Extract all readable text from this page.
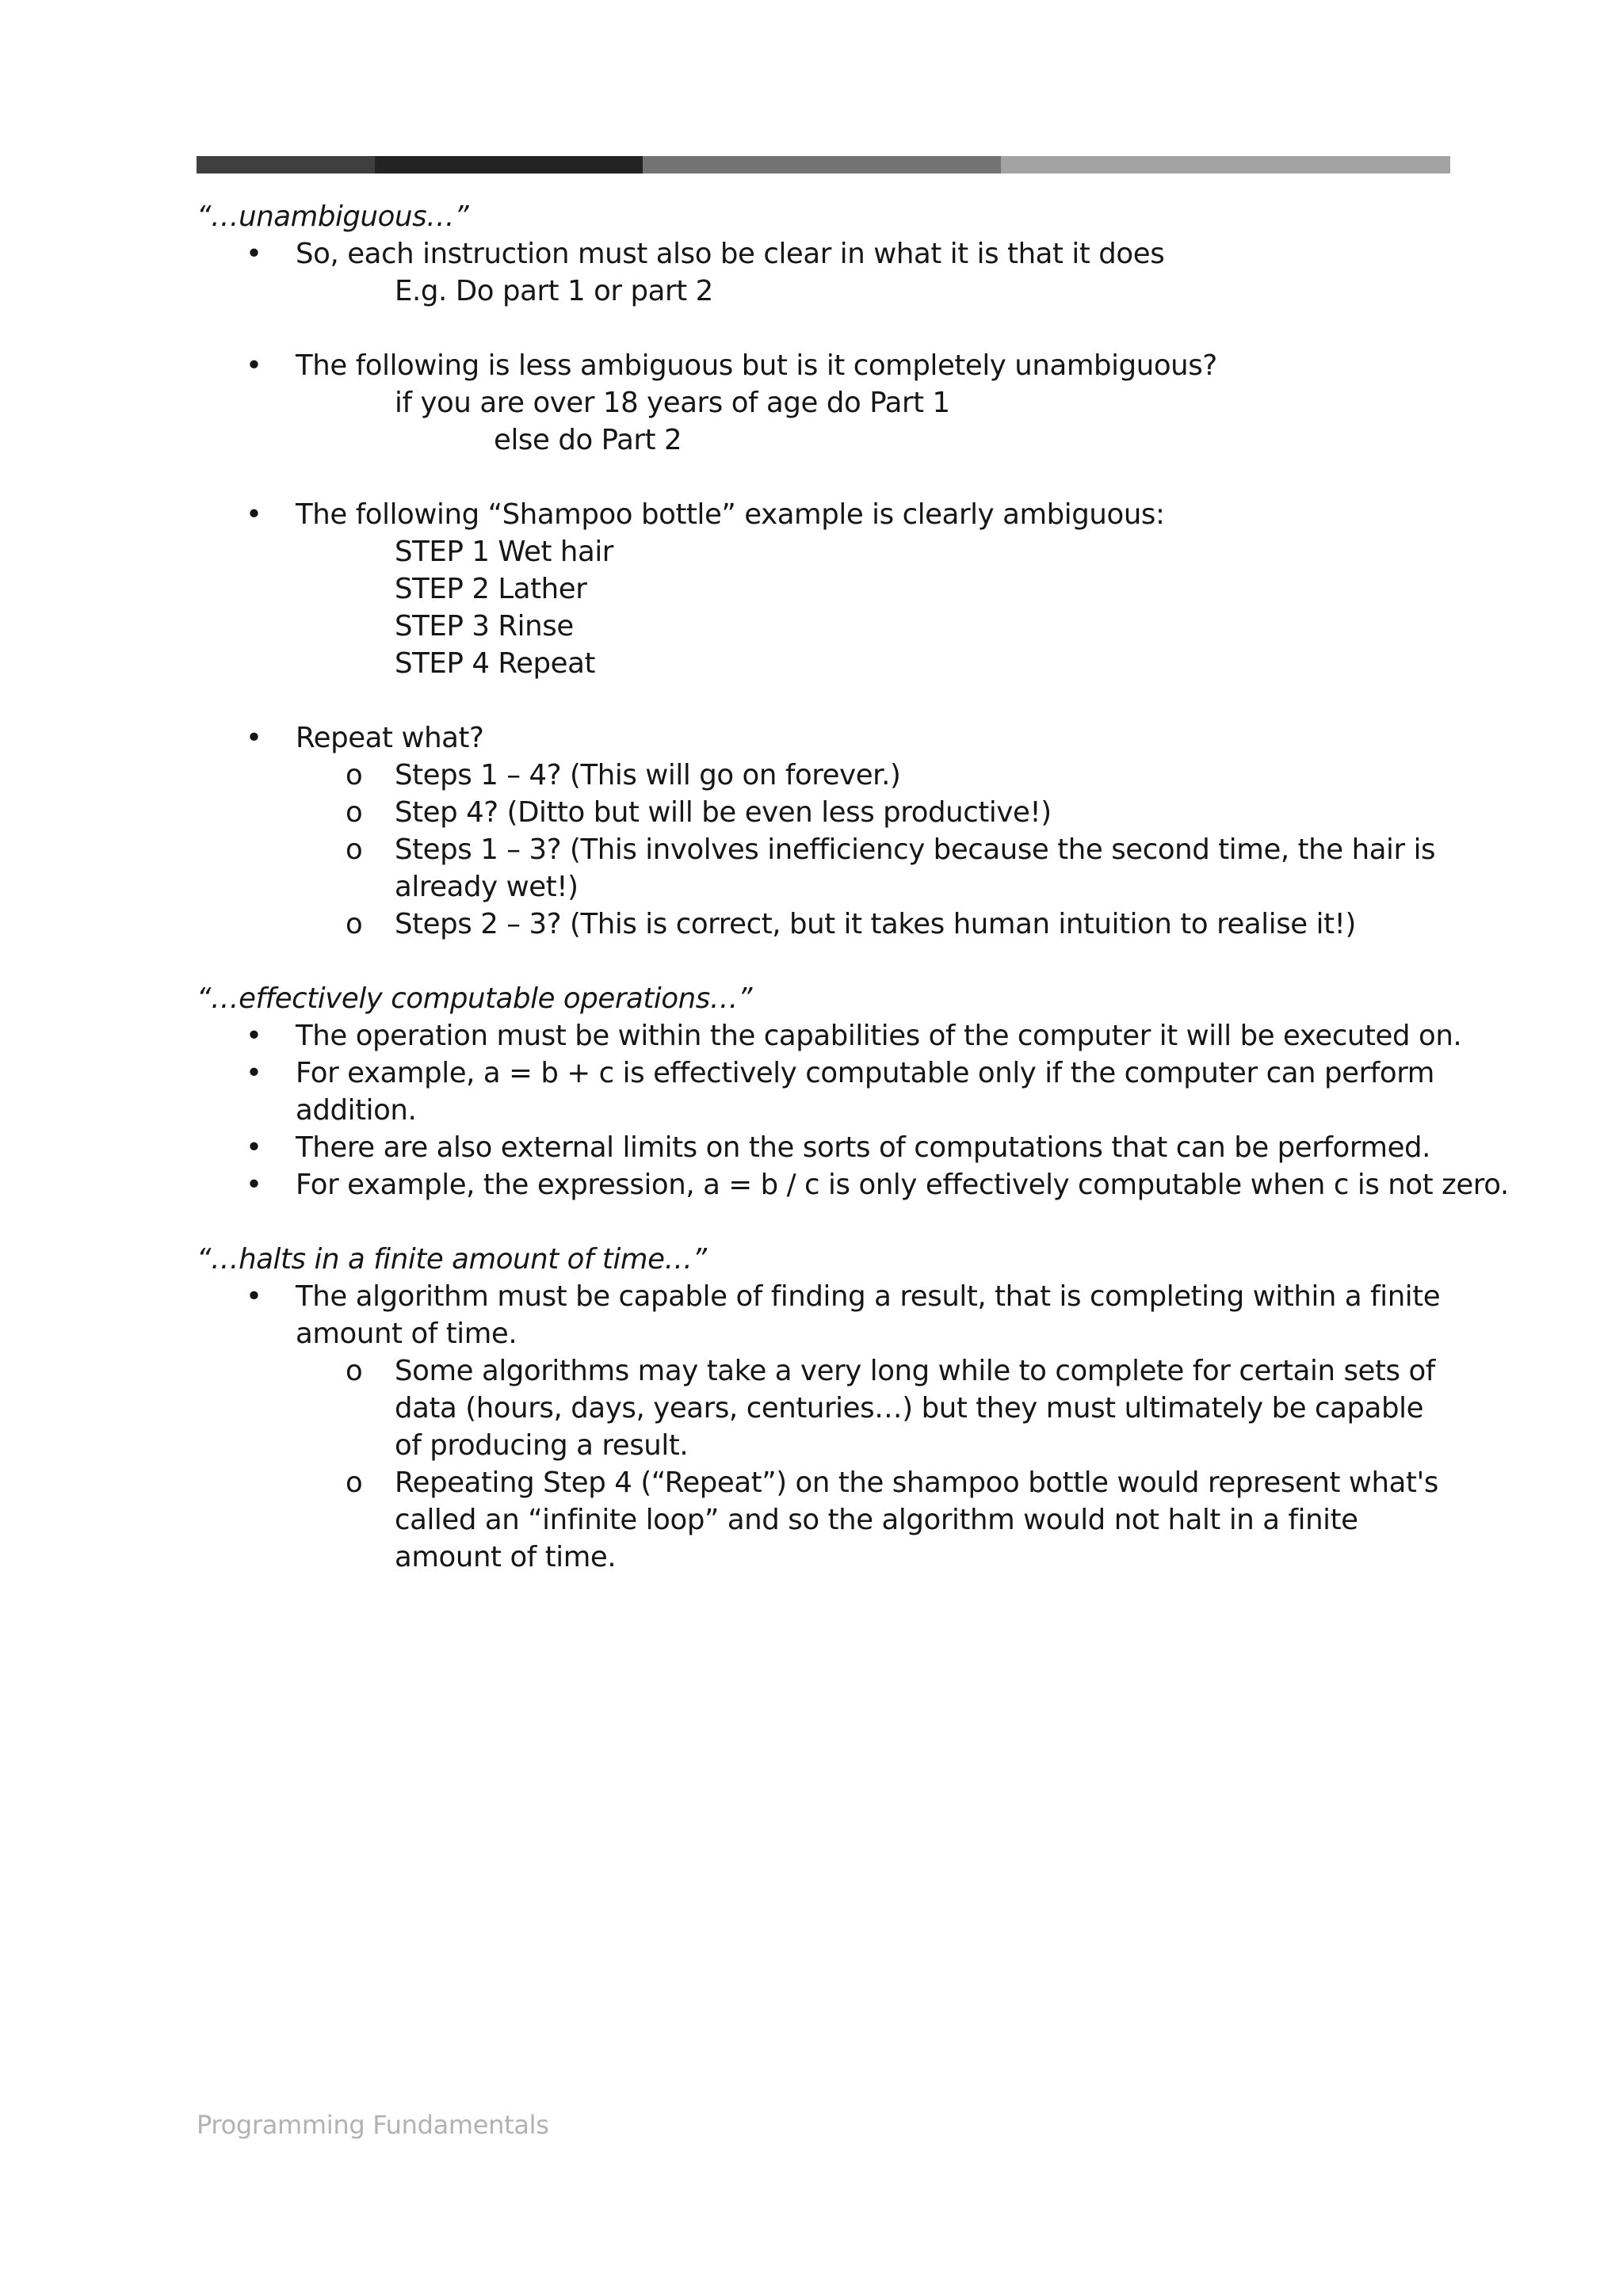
“…unambiguous…”
• So, each instruction must also be clear in what it is that it does
E.g. Do part 1 or part 2
• The following is less ambiguous but is it completely unambiguous?
if you are over 18 years of age do Part 1
else do Part 2
• The following “Shampoo bottle” example is clearly ambiguous:
STEP 1 Wet hair
STEP 2 Lather
STEP 3 Rinse
STEP 4 Repeat
• Repeat what?
o Steps 1 – 4? (This will go on forever.)
o Step 4? (Ditto but will be even less productive!)
o Steps 1 – 3? (This involves inefficiency because the second time, the hair is already wet!)
o Steps 2 – 3? (This is correct, but it takes human intuition to realise it!)
“…effectively computable operations…”
• The operation must be within the capabilities of the computer it will be executed on.
• For example, a = b + c is effectively computable only if the computer can perform addition.
• There are also external limits on the sorts of computations that can be performed.
• For example, the expression, a = b / c is only effectively computable when c is not zero.
“…halts in a finite amount of time…”
• The algorithm must be capable of finding a result, that is completing within a finite amount of time.
o Some algorithms may take a very long while to complete for certain sets of data (hours, days, years, centuries…) but they must ultimately be capable of producing a result.
o Repeating Step 4 (“Repeat”) on the shampoo bottle would represent what's called an “infinite loop” and so the algorithm would not halt in a finite amount of time.
Programming Fundamentals
